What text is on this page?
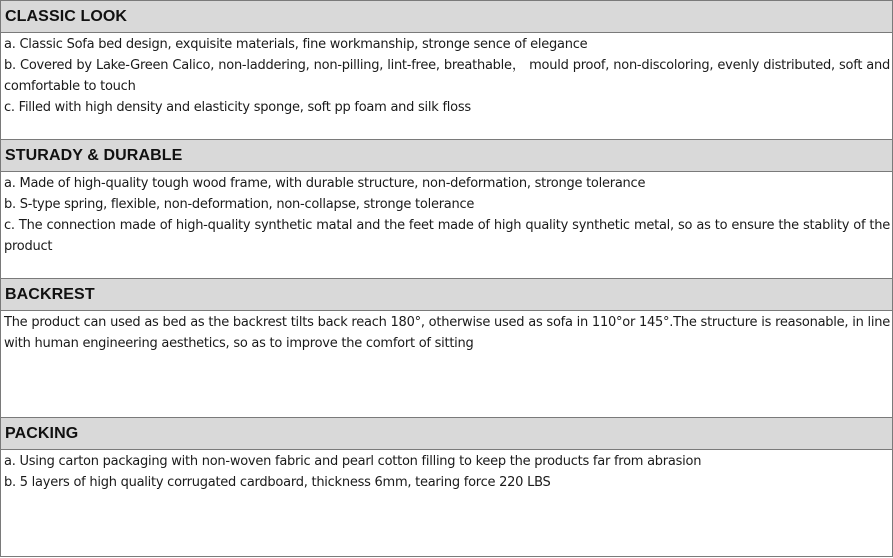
CLASSIC LOOK
a. Classic Sofa bed design, exquisite materials, fine workmanship, stronge sence of elegance
b. Covered by Lake-Green Calico, non-laddering, non-pilling, lint-free, breathable， mould proof, non-discoloring, evenly distributed, soft and comfortable to touch
c. Filled with high density and elasticity sponge, soft pp foam and silk floss
STURADY & DURABLE
a. Made of high-quality tough wood frame, with durable structure, non-deformation, stronge tolerance
b. S-type spring, flexible, non-deformation, non-collapse, stronge tolerance
c. The connection made of high-quality synthetic matal and the feet made of high quality synthetic metal, so as to ensure the stablity of the product
BACKREST
The product can used as bed as the backrest tilts back reach 180°, otherwise used as sofa in 110°or 145°.The structure is reasonable, in line with human engineering aesthetics, so as to improve the comfort of sitting
PACKING
a. Using carton packaging with non-woven fabric and pearl cotton filling to keep the products far from abrasion
b. 5 layers of high quality corrugated cardboard, thickness 6mm, tearing force 220 LBS
